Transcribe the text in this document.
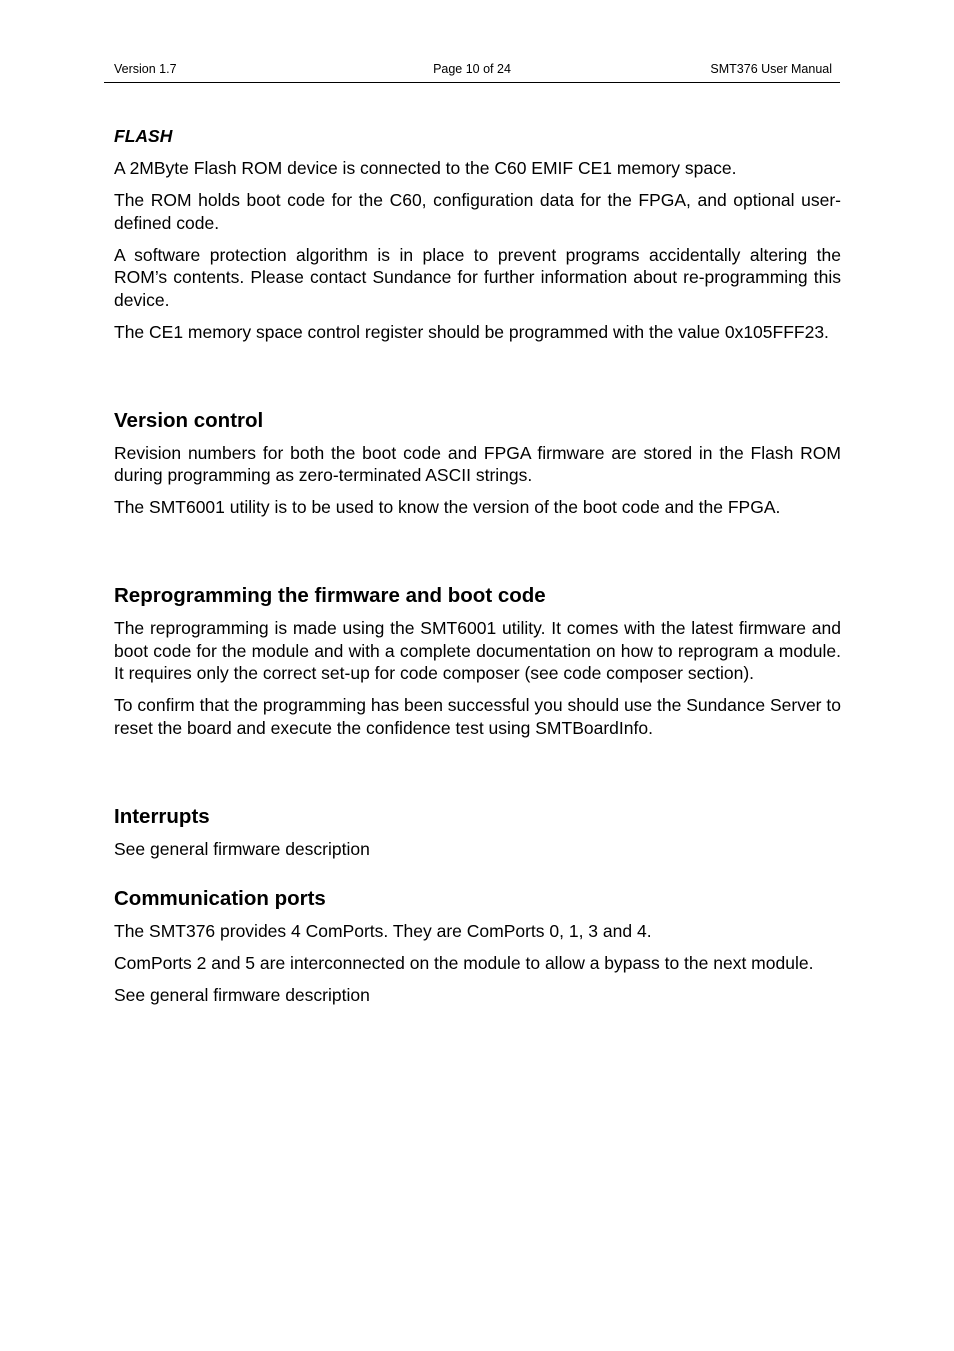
Version 1.7	Page 10 of 24	SMT376 User Manual
FLASH

A 2MByte Flash ROM device is connected to the C60 EMIF CE1 memory space.

The ROM holds boot code for the C60, configuration data for the FPGA, and optional user-defined code.

A software protection algorithm is in place to prevent programs accidentally altering the ROM’s contents. Please contact Sundance for further information about re-programming this device.

The CE1 memory space control register should be programmed with the value 0x105FFF23.

Version control

Revision numbers for both the boot code and FPGA firmware are stored in the Flash ROM during programming as zero-terminated ASCII strings.

The SMT6001 utility is to be used to know the version of the boot code and the FPGA.

Reprogramming the firmware and boot code

The reprogramming is made using the SMT6001 utility. It comes with the latest firmware and boot code for the module and with a complete documentation on how to reprogram a module. It requires only the correct set-up for code composer (see code composer section).

To confirm that the programming has been successful you should use the Sundance Server to reset the board and execute the confidence test using SMTBoardInfo.

Interrupts

See general firmware description

Communication ports

The SMT376 provides 4 ComPorts. They are ComPorts 0, 1, 3 and 4.

ComPorts 2 and 5 are interconnected on the module to allow a bypass to the next module.

See general firmware description
